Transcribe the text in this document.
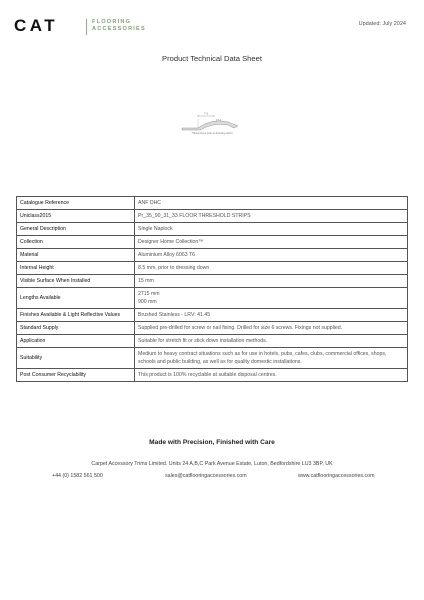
CAT	FLOORING
ACCESSORIES
Updated: July 2024
Product Technical Data Sheet
7.6
15.3
*Dimensions prior to dressing down
Catalogue Reference	ANF DHC

Uniclass2015	Pr_35_90_31_33 FLOOR THRESHOLD STRIPS

General Description	Single Naplock

Collection	Designer Home Collection™

Material	Aluminium Alloy 6063 T6

Internal Height	8.5 mm, prior to dressing down

Visible Surface When Installed	15 mm

Lengths Available	2715 mm
900 mm

Finishes Available & Light Reflective Values	Brushed Stainless - LRV: 41.45

Standard Supply	Supplied pre-drilled for screw or nail fixing. Drilled for size 6 screws. Fixings not supplied.

Application	Suitable for stretch fit or stick down installation methods.

Suitability	Medium to heavy contract situations such as for use in hotels, pubs, cafes, clubs, commercial offices, shops, schools and public building, as well as for quality domestic installations.

Post Consumer Recyclability	This product is 100% recyclable at suitable disposal centres.
Made with Precision, Finished with Care
Carpet Accessory Trims Limited. Units 24 A,B,C Park Avenue Estate, Luton, Bedfordshire LU3 3BP, UK
+44 (0) 1582 561 500	sales@catflooringaccessories.com	www.catflooringaccessories.com
